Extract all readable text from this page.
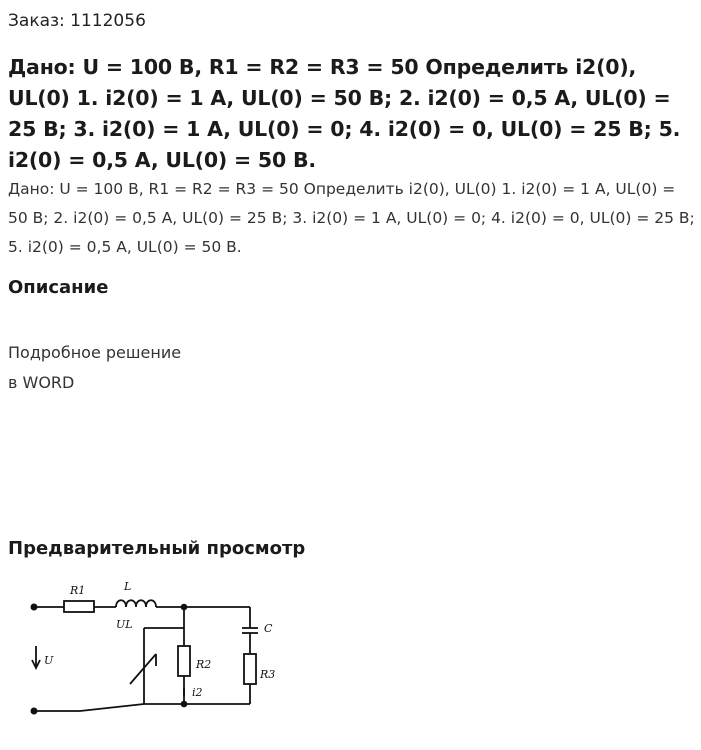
Заказ: 1112056
Дано: U = 100 В, R1 = R2 = R3 = 50 Определить i2(0), UL(0) 1. i2(0) = 1 A, UL(0) = 50 B; 2. i2(0) = 0,5 A, UL(0) = 25 B; 3. i2(0) = 1 A, UL(0) = 0; 4. i2(0) = 0, UL(0) = 25 B; 5. i2(0) = 0,5 A, UL(0) = 50 B.
Дано: U = 100 В, R1 = R2 = R3 = 50 Определить i2(0), UL(0) 1. i2(0) = 1 A, UL(0) = 50 B; 2. i2(0) = 0,5 A, UL(0) = 25 B; 3. i2(0) = 1 A, UL(0) = 0; 4. i2(0) = 0, UL(0) = 25 B; 5. i2(0) = 0,5 A, UL(0) = 50 B.
Описание
Подробное решение
в WORD
Предварительный просмотр
R1	L
UL	C
U	R2
i2
R3
